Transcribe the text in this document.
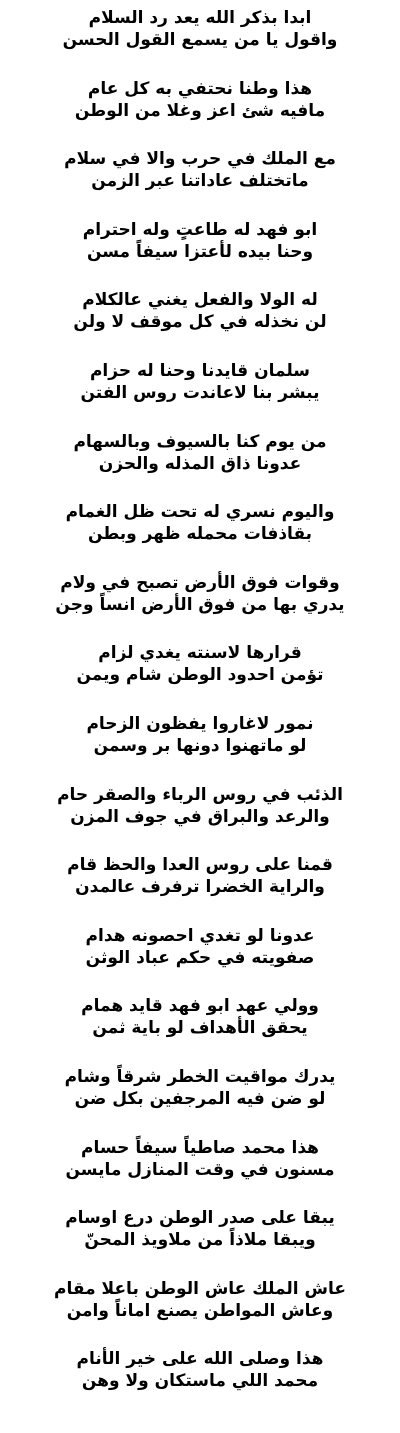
ابدا بذكر الله يعد رد السلام
واقول يا من يسمع القول الحسن
هذا وطنا نحتفي به كل عام
مافيه شئ اعز وغلا من الوطن
مع الملك في حرب والا في سلام
ماتختلف عاداتنا عبر الزمن
ابو فهد له طاعتٍ وله احترام
وحنا بيده لأعتزا سيفاً مسن
له الولا والفعل يغني عالكلام
لن نخذله في كل موقف لا ولن
سلمان قايدنا وحنا له حزام
يبشر بنا لاعاندت روس الفتن
من يوم كنا بالسيوف وبالسهام
عدونا ذاق المذله والحزن
واليوم نسري له تحت ظل الغمام
بقاذفات محمله ظهر وبطن
وقوات فوق الأرض تصبح في ولام
يدري بها من فوق الأرض انساً وجن
قرارها لاسنته يغدي لزام
تؤمن احدود الوطن شام ويمن
نمور لاغاروا يفظون الزحام
لو ماتهنوا دونها بر وسمن
الذئب في روس الرباء والصقر حام
والرعد والبراق في جوف المزن
قمنا على روس العدا والحظ قام
والراية الخضرا ترفرف عالمدن
عدونا لو تغدي احصونه هدام
صفويته في حكم عباد الوثن
وولي عهد ابو فهد قايد همام
يحقق الأهداف لو باية ثمن
يدرك مواقيت الخطر شرقاً وشام
لو ضن فيه المرجفين بكل ضن
هذا محمد صاطياً سيفاً حسام
مسنون في وقت المنازل مايسن
يبقا على صدر الوطن درع اوسام
ويبقا ملاذاً من ملاويذ المحنّ
عاش الملك عاش الوطن باعلا مقام
وعاش المواطن يصنع اماناً وامن
هذا وصلى الله على خير الأنام
محمد اللي ماستكان ولا وهن
